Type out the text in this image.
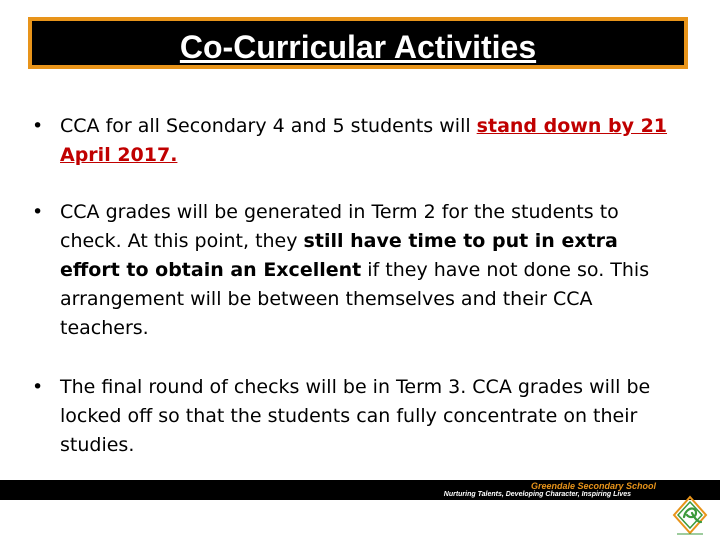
Co-Curricular Activities
• CCA for all Secondary 4 and 5 students will stand down by 21 April 2017.
• CCA grades will be generated in Term 2 for the students to check. At this point, they still have time to put in extra effort to obtain an Excellent if they have not done so. This arrangement will be between themselves and their CCA teachers.
• The final round of checks will be in Term 3. CCA grades will be locked off so that the students can fully concentrate on their studies.
Greendale Secondary School
Nurturing Talents, Developing Character, Inspiring Lives
